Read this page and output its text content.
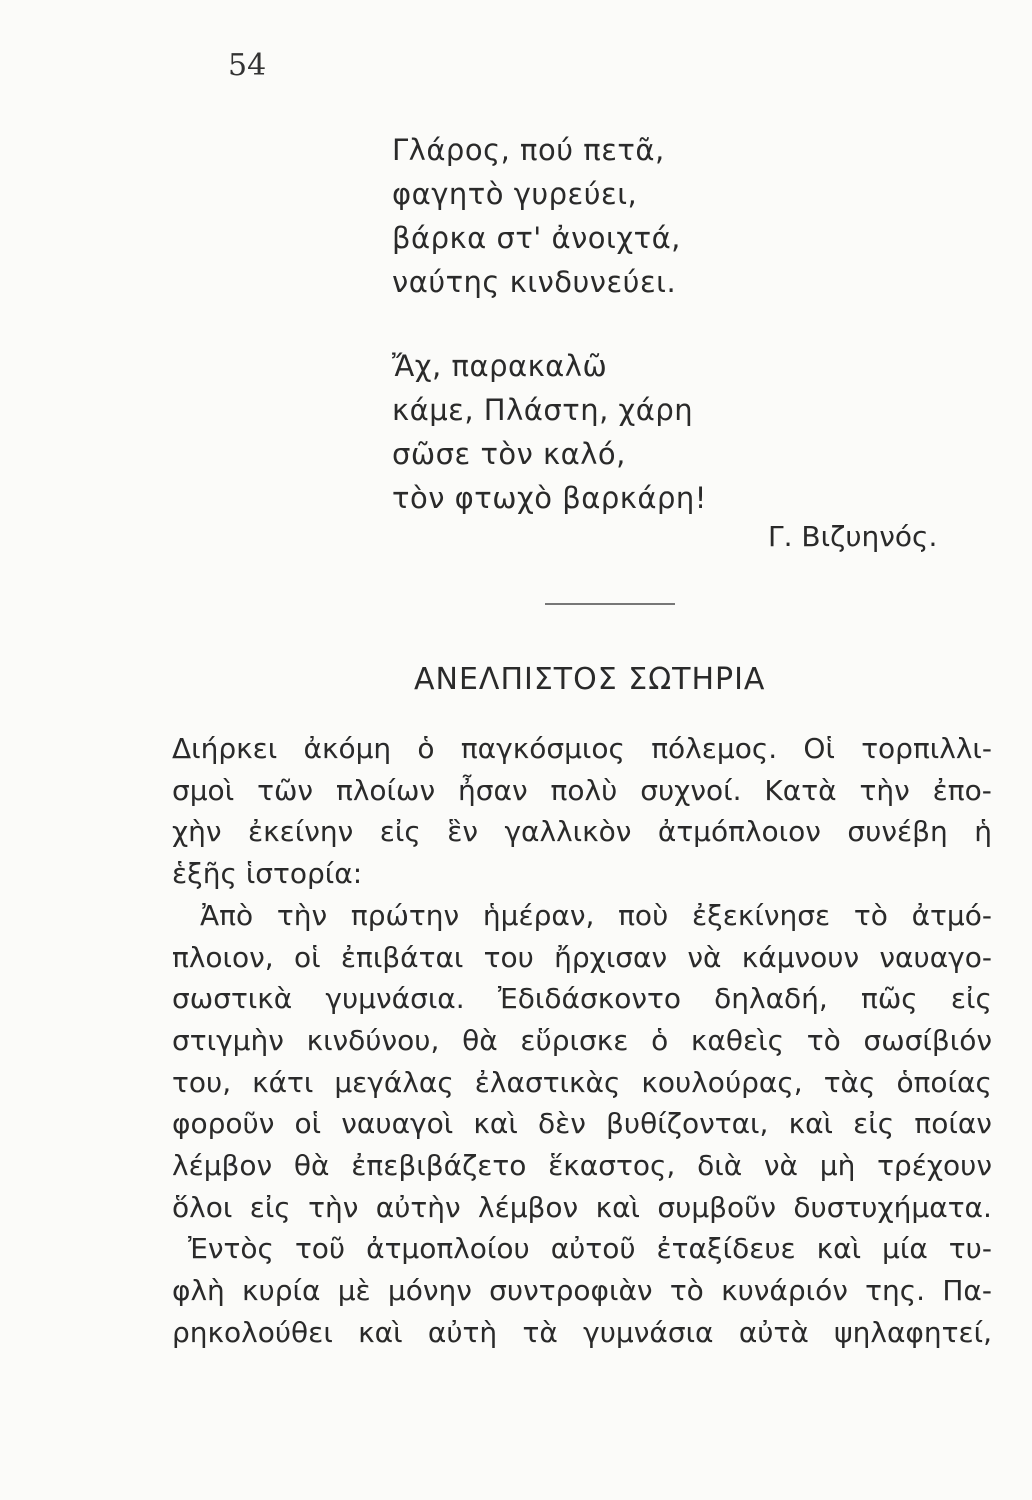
54
Γλάρος, πού πετᾶ,
φαγητὸ γυρεύει,
βάρκα στ' ἀνοιχτά,
ναύτης κινδυνεύει.
Ἄχ, παρακαλῶ
κάμε, Πλάστη, χάρη
σῶσε τὸν καλό,
τὸν φτωχὸ βαρκάρη!
Γ. Βιζυηνός.
ΑΝΕΛΠΙΣΤΟΣ ΣΩΤΗΡΙΑ
Διήρκει ἀκόμη ὁ παγκόσμιος πόλεμος. Οἱ τορπιλλι-
σμοὶ τῶν πλοίων ἦσαν πολὺ συχνοί. Κατὰ τὴν ἐπο-
χὴν ἐκείνην εἰς ἓν γαλλικὸν ἀτμόπλοιον συνέβη ἡ
ἑξῆς ἱστορία:
Ἀπὸ τὴν πρώτην ἡμέραν, ποὺ ἐξεκίνησε τὸ ἀτμό-
πλοιον, οἱ ἐπιβάται του ἤρχισαν νὰ κάμνουν ναυαγο-
σωστικὰ γυμνάσια. Ἐδιδάσκοντο δηλαδή, πῶς εἰς
στιγμὴν κινδύνου, θὰ εὕρισκε ὁ καθεὶς τὸ σωσίβιόν
του, κάτι μεγάλας ἐλαστικὰς κουλούρας, τὰς ὁποίας
φοροῦν οἱ ναυαγοὶ καὶ δὲν βυθίζονται, καὶ εἰς ποίαν
λέμβον θὰ ἐπεβιβάζετο ἕκαστος, διὰ νὰ μὴ τρέχουν
ὅλοι εἰς τὴν αὐτὴν λέμβον καὶ συμβοῦν δυστυχήματα.
Ἐντὸς τοῦ ἀτμοπλοίου αὐτοῦ ἐταξίδευε καὶ μία τυ-
φλὴ κυρία μὲ μόνην συντροφιὰν τὸ κυνάριόν της. Πα-
ρηκολούθει καὶ αὐτὴ τὰ γυμνάσια αὐτὰ ψηλαφητεί,
